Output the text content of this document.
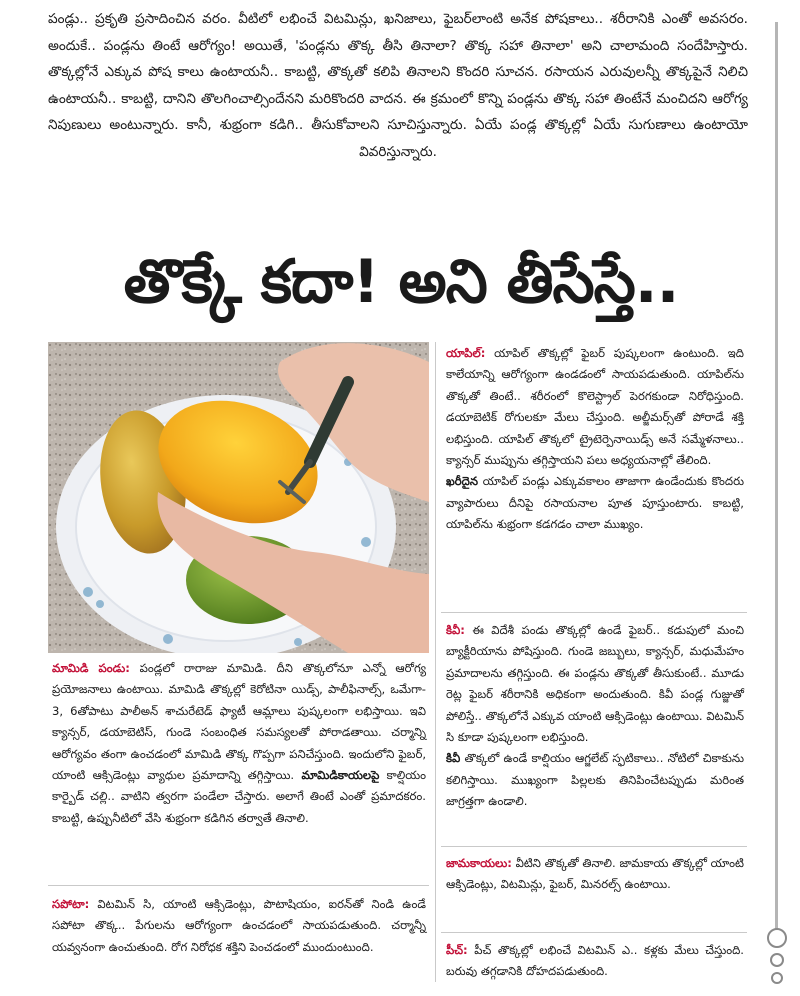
పండ్లు.. ప్రకృతి ప్రసాదించిన వరం. వీటిలో లభించే విటమిన్లు, ఖనిజాలు, ఫైబర్‌లాంటి అనేక పోషకాలు.. శరీరానికి ఎంతో అవసరం. అందుకే.. పండ్లను తింటే ఆరోగ్యం! అయితే, 'పండ్లను తొక్క తీసి తినాలా? తొక్క సహా తినాలా' అని చాలామంది సందేహిస్తారు. తొక్కల్లోనే ఎక్కువ పోష కాలు ఉంటాయనీ.. కాబట్టి, తొక్కతో కలిపి తినాలని కొందరి సూచన. రసాయన ఎరువులన్నీ తొక్కపైనే నిలిచి ఉంటాయనీ.. కాబట్టి, దానిని తొలగించాల్సిందేనని మరికొందరి వాదన. ఈ క్రమంలో కొన్ని పండ్లను తొక్క సహా తింటేనే మంచిదని ఆరోగ్య నిపుణులు అంటున్నారు. కానీ, శుభ్రంగా కడిగి.. తీసుకోవాలని సూచిస్తున్నారు. ఏయే పండ్ల తొక్కల్లో ఏయే సుగుణాలు ఉంటాయో వివరిస్తున్నారు.

తొక్కే కదా! అని తీసేస్తే..

మామిడి పండు: పండ్లలో రారాజు మామిడి. దీని తొక్కలోనూ ఎన్నో ఆరోగ్య ప్రయోజనాలు ఉంటాయి. మామిడి తొక్కల్లో కెరోటినా యిడ్స్, పాలీఫినాల్స్, ఒమేగా- 3, 6తోపాటు పాలీఅన్ శాచురేటెడ్ ఫ్యాటీ ఆమ్లాలు పుష్కలంగా లభిస్తాయి. ఇవి క్యాన్సర్, డయాబెటిస్, గుండె సంబంధిత సమస్యలతో పోరాడతాయి. చర్మాన్ని ఆరోగ్యవం తంగా ఉంచడంలో మామిడి తొక్క గొప్పగా పనిచేస్తుంది. ఇందులోని ఫైబర్, యాంటి ఆక్సిడెంట్లు వ్యాధుల ప్రమాదాన్ని తగ్గిస్తాయి. మామిడికాయలపై కాల్షియం కార్బైడ్ చల్లి.. వాటిని త్వరగా పండేలా చేస్తారు. అలాగే తింటే ఎంతో ప్రమాదకరం. కాబట్టి, ఉప్పునీటిలో వేసి శుభ్రంగా కడిగిన తర్వాతే తినాలి.

సపోటా: విటమిన్ సి, యాంటి ఆక్సిడెంట్లు, పొటాషియం, ఐరన్‌తో నిండి ఉండే సపోటా తొక్క.. పేగులను ఆరోగ్యంగా ఉంచడంలో సాయపడుతుంది. చర్మాన్నీ యవ్వనంగా ఉంచుతుంది. రోగ నిరోధక శక్తిని పెంచడంలో ముందుంటుంది.

యాపిల్: యాపిల్ తొక్కల్లో ఫైబర్ పుష్కలంగా ఉంటుంది. ఇది కాలేయాన్ని ఆరోగ్యంగా ఉండడంలో సాయపడుతుంది. యాపిల్‌ను తొక్కతో తింటే.. శరీరంలో కొలెస్ట్రాల్ పెరగకుండా నిరోధిస్తుంది. డయాబెటిక్ రోగులకూ మేలు చేస్తుంది. అల్జీమర్స్‌తో పోరాడే శక్తి లభిస్తుంది. యాపిల్ తొక్కలో ట్రైటెర్పెనాయిడ్స్ అనే సమ్మేళనాలు.. క్యాన్సర్ ముప్పును తగ్గిస్తాయని పలు అధ్యయనాల్లో తేలింది.

ఖరీదైన యాపిల్ పండ్లు ఎక్కువకాలం తాజాగా ఉండేందుకు కొందరు వ్యాపారులు దీనిపై రసాయనాల పూత పూస్తుంటారు. కాబట్టి, యాపిల్‌ను శుభ్రంగా కడగడం చాలా ముఖ్యం.

కివీ: ఈ విదేశీ పండు తొక్కల్లో ఉండే ఫైబర్.. కడుపులో మంచి బ్యాక్టీరియాను పోషిస్తుంది. గుండె జబ్బులు, క్యాన్సర్, మధుమేహం ప్రమాదాలను తగ్గిస్తుంది. ఈ పండ్లను తొక్కతో తీసుకుంటే.. మూడు రెట్ల ఫైబర్ శరీరానికి అధికంగా అందుతుంది. కివీ పండ్ల గుజ్జుతో పోలిస్తే.. తొక్కలోనే ఎక్కువ యాంటి ఆక్సిడెంట్లు ఉంటాయి. విటమిన్ సి కూడా పుష్కలంగా లభిస్తుంది.

కివీ తొక్కలో ఉండే కాల్షియం ఆగ్జలేట్ స్ఫటికాలు.. నోటిలో చికాకును కలిగిస్తాయి. ముఖ్యంగా పిల్లలకు తినిపించేటప్పుడు మరింత జాగ్రత్తగా ఉండాలి.

జామకాయలు: వీటిని తొక్కతో తినాలి. జామకాయ తొక్కల్లో యాంటి ఆక్సిడెంట్లు, విటమిన్లు, ఫైబర్, మినరల్స్ ఉంటాయి.

పీచ్: పీచ్ తొక్కల్లో లభించే విటమిన్ ఎ.. కళ్లకు మేలు చేస్తుంది. బరువు తగ్గడానికి దోహదపడుతుంది.
